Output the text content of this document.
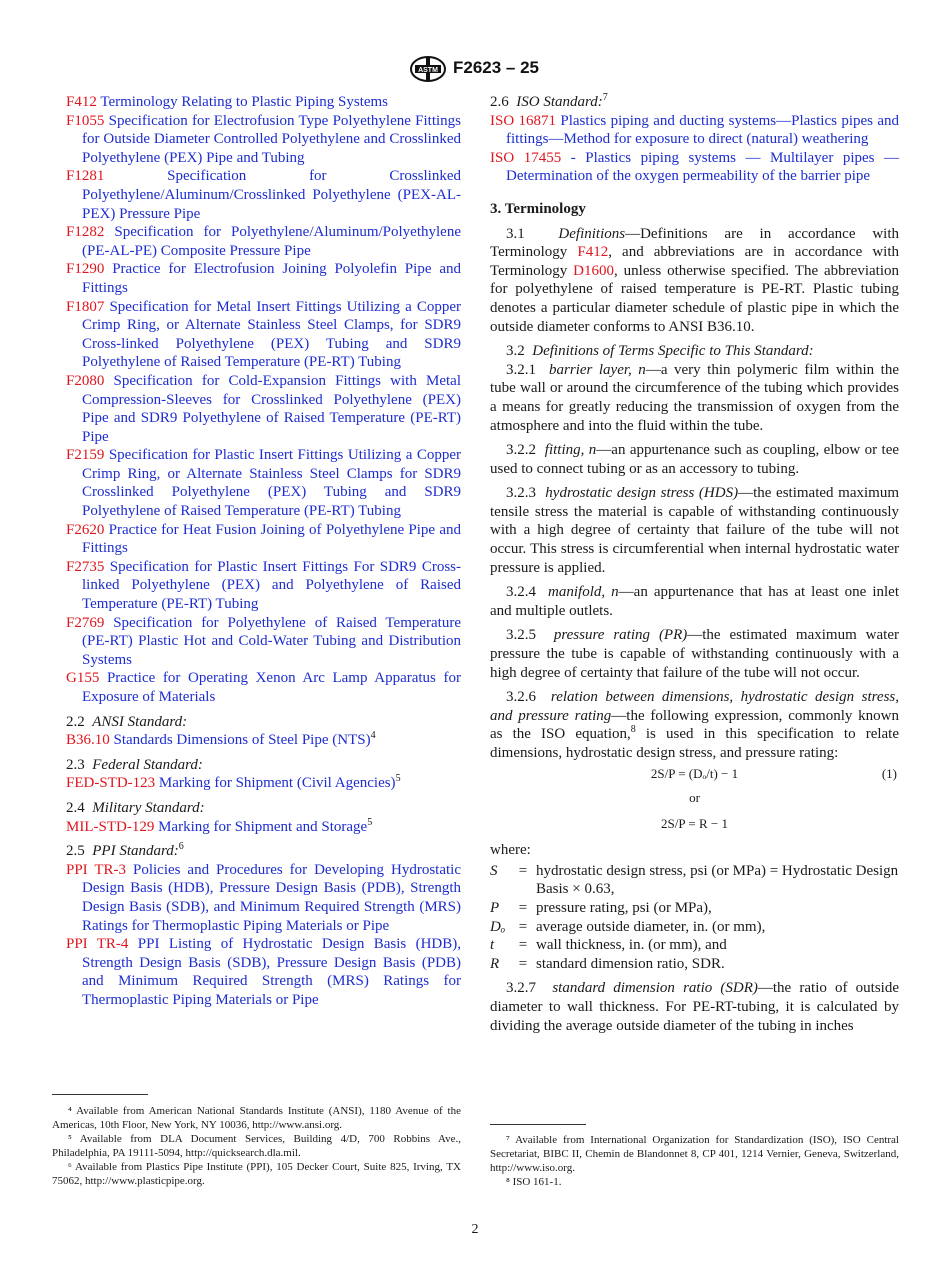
ASTM F2623 – 25

F412 Terminology Relating to Plastic Piping Systems

F1055 Specification for Electrofusion Type Polyethylene Fittings for Outside Diameter Controlled Polyethylene and Crosslinked Polyethylene (PEX) Pipe and Tubing

F1281	Specification for Crosslinked Polyethylene/Aluminum/Crosslinked Polyethylene (PEX-AL-PEX) Pressure Pipe

F1282 Specification for Polyethylene/Aluminum/Polyethylene (PE-AL-PE) Composite Pressure Pipe

F1290 Practice for Electrofusion Joining Polyolefin Pipe and Fittings

F1807 Specification for Metal Insert Fittings Utilizing a Copper Crimp Ring, or Alternate Stainless Steel Clamps, for SDR9 Cross-linked Polyethylene (PEX) Tubing and SDR9 Polyethylene of Raised Temperature (PE-RT) Tubing

F2080 Specification for Cold-Expansion Fittings with Metal Compression-Sleeves for Crosslinked Polyethylene (PEX) Pipe and SDR9 Polyethylene of Raised Temperature (PE-RT) Pipe

F2159 Specification for Plastic Insert Fittings Utilizing a Copper Crimp Ring, or Alternate Stainless Steel Clamps for SDR9 Crosslinked Polyethylene (PEX) Tubing and SDR9 Polyethylene of Raised Temperature (PE-RT) Tubing

F2620 Practice for Heat Fusion Joining of Polyethylene Pipe and Fittings

F2735 Specification for Plastic Insert Fittings For SDR9 Cross-linked Polyethylene (PEX) and Polyethylene of Raised Temperature (PE-RT) Tubing

F2769 Specification for Polyethylene of Raised Temperature (PE-RT) Plastic Hot and Cold-Water Tubing and Distribution Systems

G155 Practice for Operating Xenon Arc Lamp Apparatus for Exposure of Materials

2.2 ANSI Standard:

B36.10 Standards Dimensions of Steel Pipe (NTS)$^4$

2.3 Federal Standard:

FED-STD-123 Marking for Shipment (Civil Agencies)$^5$

2.4 Military Standard:

MIL-STD-129 Marking for Shipment and Storage$^5$

2.5 PPI Standard:$^6$

PPI TR-3 Policies and Procedures for Developing Hydrostatic Design Basis (HDB), Pressure Design Basis (PDB), Strength Design Basis (SDB), and Minimum Required Strength (MRS) Ratings for Thermoplastic Piping Materials or Pipe

PPI TR-4 PPI Listing of Hydrostatic Design Basis (HDB), Strength Design Basis (SDB), Pressure Design Basis (PDB) and Minimum Required Strength (MRS) Ratings for Thermoplastic Piping Materials or Pipe

2.6 ISO Standard:$^7$

ISO 16871 Plastics piping and ducting systems—Plastics pipes and fittings—Method for exposure to direct (natural) weathering

ISO 17455 - Plastics piping systems — Multilayer pipes — Determination of the oxygen permeability of the barrier pipe

3. Terminology

3.1 Definitions—Definitions are in accordance with Terminology F412, and abbreviations are in accordance with Terminology D1600, unless otherwise specified. The abbreviation for polyethylene of raised temperature is PE-RT. Plastic tubing denotes a particular diameter schedule of plastic pipe in which the outside diameter conforms to ANSI B36.10.

3.2 Definitions of Terms Specific to This Standard:

3.2.1 barrier layer, n—a very thin polymeric film within the tube wall or around the circumference of the tubing which provides a means for greatly reducing the transmission of oxygen from the atmosphere and into the fluid within the tube.

3.2.2 fitting, n—an appurtenance such as coupling, elbow or tee used to connect tubing or as an accessory to tubing.

3.2.3 hydrostatic design stress (HDS)—the estimated maximum tensile stress the material is capable of withstanding continuously with a high degree of certainty that failure of the tube will not occur. This stress is circumferential when internal hydrostatic water pressure is applied.

3.2.4 manifold, n—an appurtenance that has at least one inlet and multiple outlets.

3.2.5 pressure rating (PR)—the estimated maximum water pressure the tube is capable of withstanding continuously with a high degree of certainty that failure of the tube will not occur.

3.2.6 relation between dimensions, hydrostatic design stress, and pressure rating—the following expression, commonly known as the ISO equation,$^8$ is used in this specification to relate dimensions, hydrostatic design stress, and pressure rating:

2S/P = (Dₒ/t) − 1	(1)
or
2S/P = R − 1
where:
S	=	hydrostatic design stress, psi (or MPa) = Hydrostatic Design Basis × 0.63,
P	=	pressure rating, psi (or MPa),
Dₒ	=	average outside diameter, in. (or mm),
t	=	wall thickness, in. (or mm), and
R	=	standard dimension ratio, SDR.

3.2.7 standard dimension ratio (SDR)—the ratio of outside diameter to wall thickness. For PE-RT-tubing, it is calculated by dividing the average outside diameter of the tubing in inches

⁴ Available from American National Standards Institute (ANSI), 1180 Avenue of the Americas, 10th Floor, New York, NY 10036, http://www.ansi.org.

⁵ Available from DLA Document Services, Building 4/D, 700 Robbins Ave., Philadelphia, PA 19111-5094, http://quicksearch.dla.mil.

⁶ Available from Plastics Pipe Institute (PPI), 105 Decker Court, Suite 825, Irving, TX 75062, http://www.plasticpipe.org.

⁷ Available from International Organization for Standardization (ISO), ISO Central Secretariat, BIBC II, Chemin de Blandonnet 8, CP 401, 1214 Vernier, Geneva, Switzerland, http://www.iso.org.

⁸ ISO 161-1.

2
